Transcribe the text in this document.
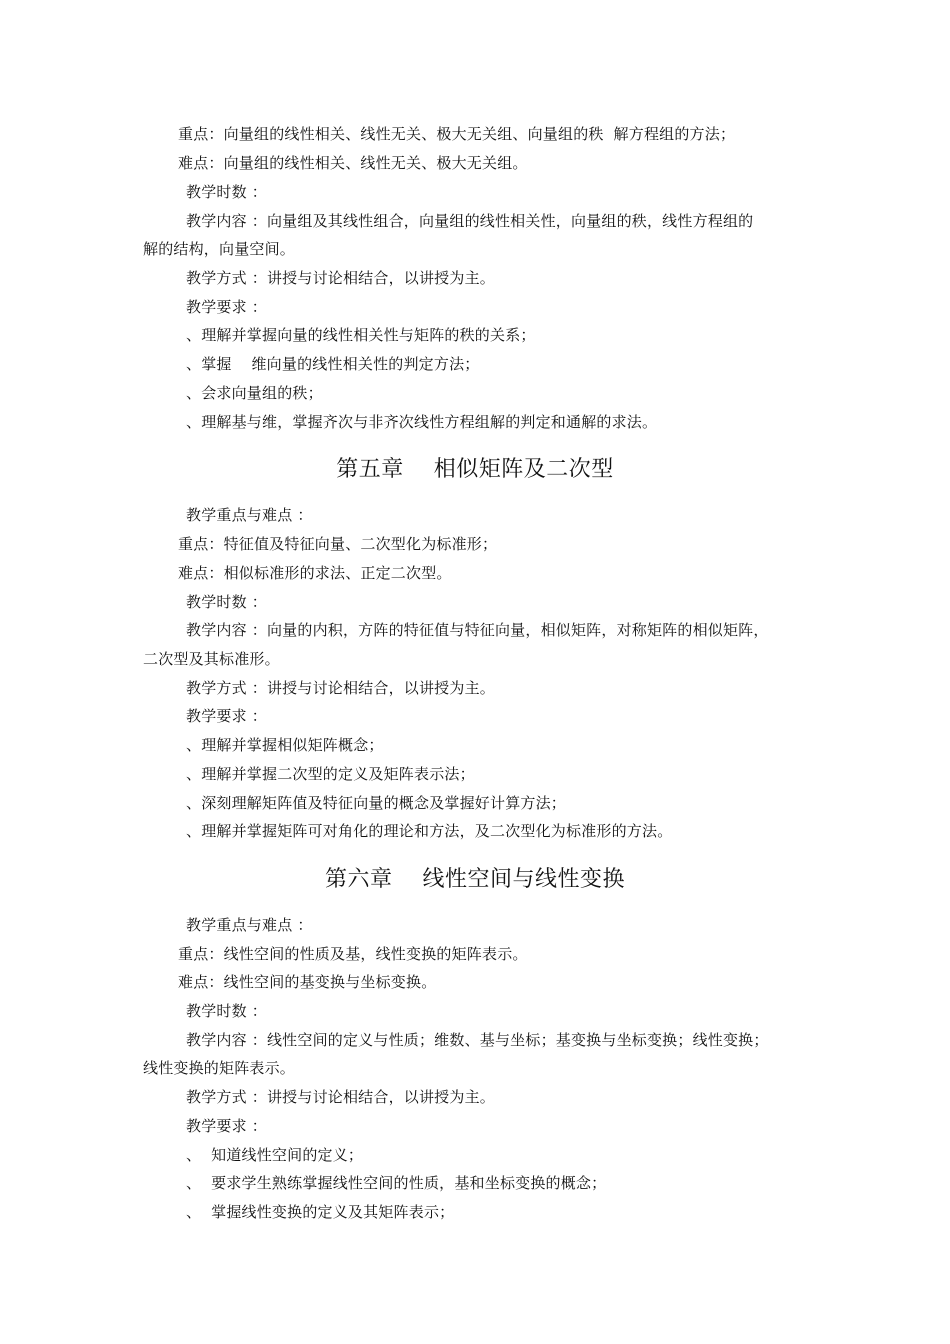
重点：向量组的线性相关、线性无关、极大无关组、向量组的秩  解方程组的方法；
难点：向量组的线性相关、线性无关、极大无关组。
教学时数 ：
教学内容 ：向量组及其线性组合，向量组的线性相关性，向量组的秩，线性方程组的
解的结构，向量空间。
教学方式 ：讲授与讨论相结合，以讲授为主。
教学要求 ：
、理解并掌握向量的线性相关性与矩阵的秩的关系；
、掌握    维向量的线性相关性的判定方法；
、会求向量组的秩；
、理解基与维，掌握齐次与非齐次线性方程组解的判定和通解的求法。
第五章    相似矩阵及二次型
教学重点与难点 ：
重点：特征值及特征向量、二次型化为标准形；
难点：相似标准形的求法、正定二次型。
教学时数 ：
教学内容 ：向量的内积，方阵的特征值与特征向量，相似矩阵，对称矩阵的相似矩阵，
二次型及其标准形。
教学方式 ：讲授与讨论相结合，以讲授为主。
教学要求 ：
、理解并掌握相似矩阵概念；
、理解并掌握二次型的定义及矩阵表示法；
、深刻理解矩阵值及特征向量的概念及掌握好计算方法；
、理解并掌握矩阵可对角化的理论和方法，及二次型化为标准形的方法。
第六章    线性空间与线性变换
教学重点与难点 ：
重点：线性空间的性质及基，线性变换的矩阵表示。
难点：线性空间的基变换与坐标变换。
教学时数 ：
教学内容 ：线性空间的定义与性质；维数、基与坐标；基变换与坐标变换；线性变换；
线性变换的矩阵表示。
教学方式 ：讲授与讨论相结合，以讲授为主。
教学要求 ：
、  知道线性空间的定义；
、  要求学生熟练掌握线性空间的性质，基和坐标变换的概念；
、  掌握线性变换的定义及其矩阵表示；
